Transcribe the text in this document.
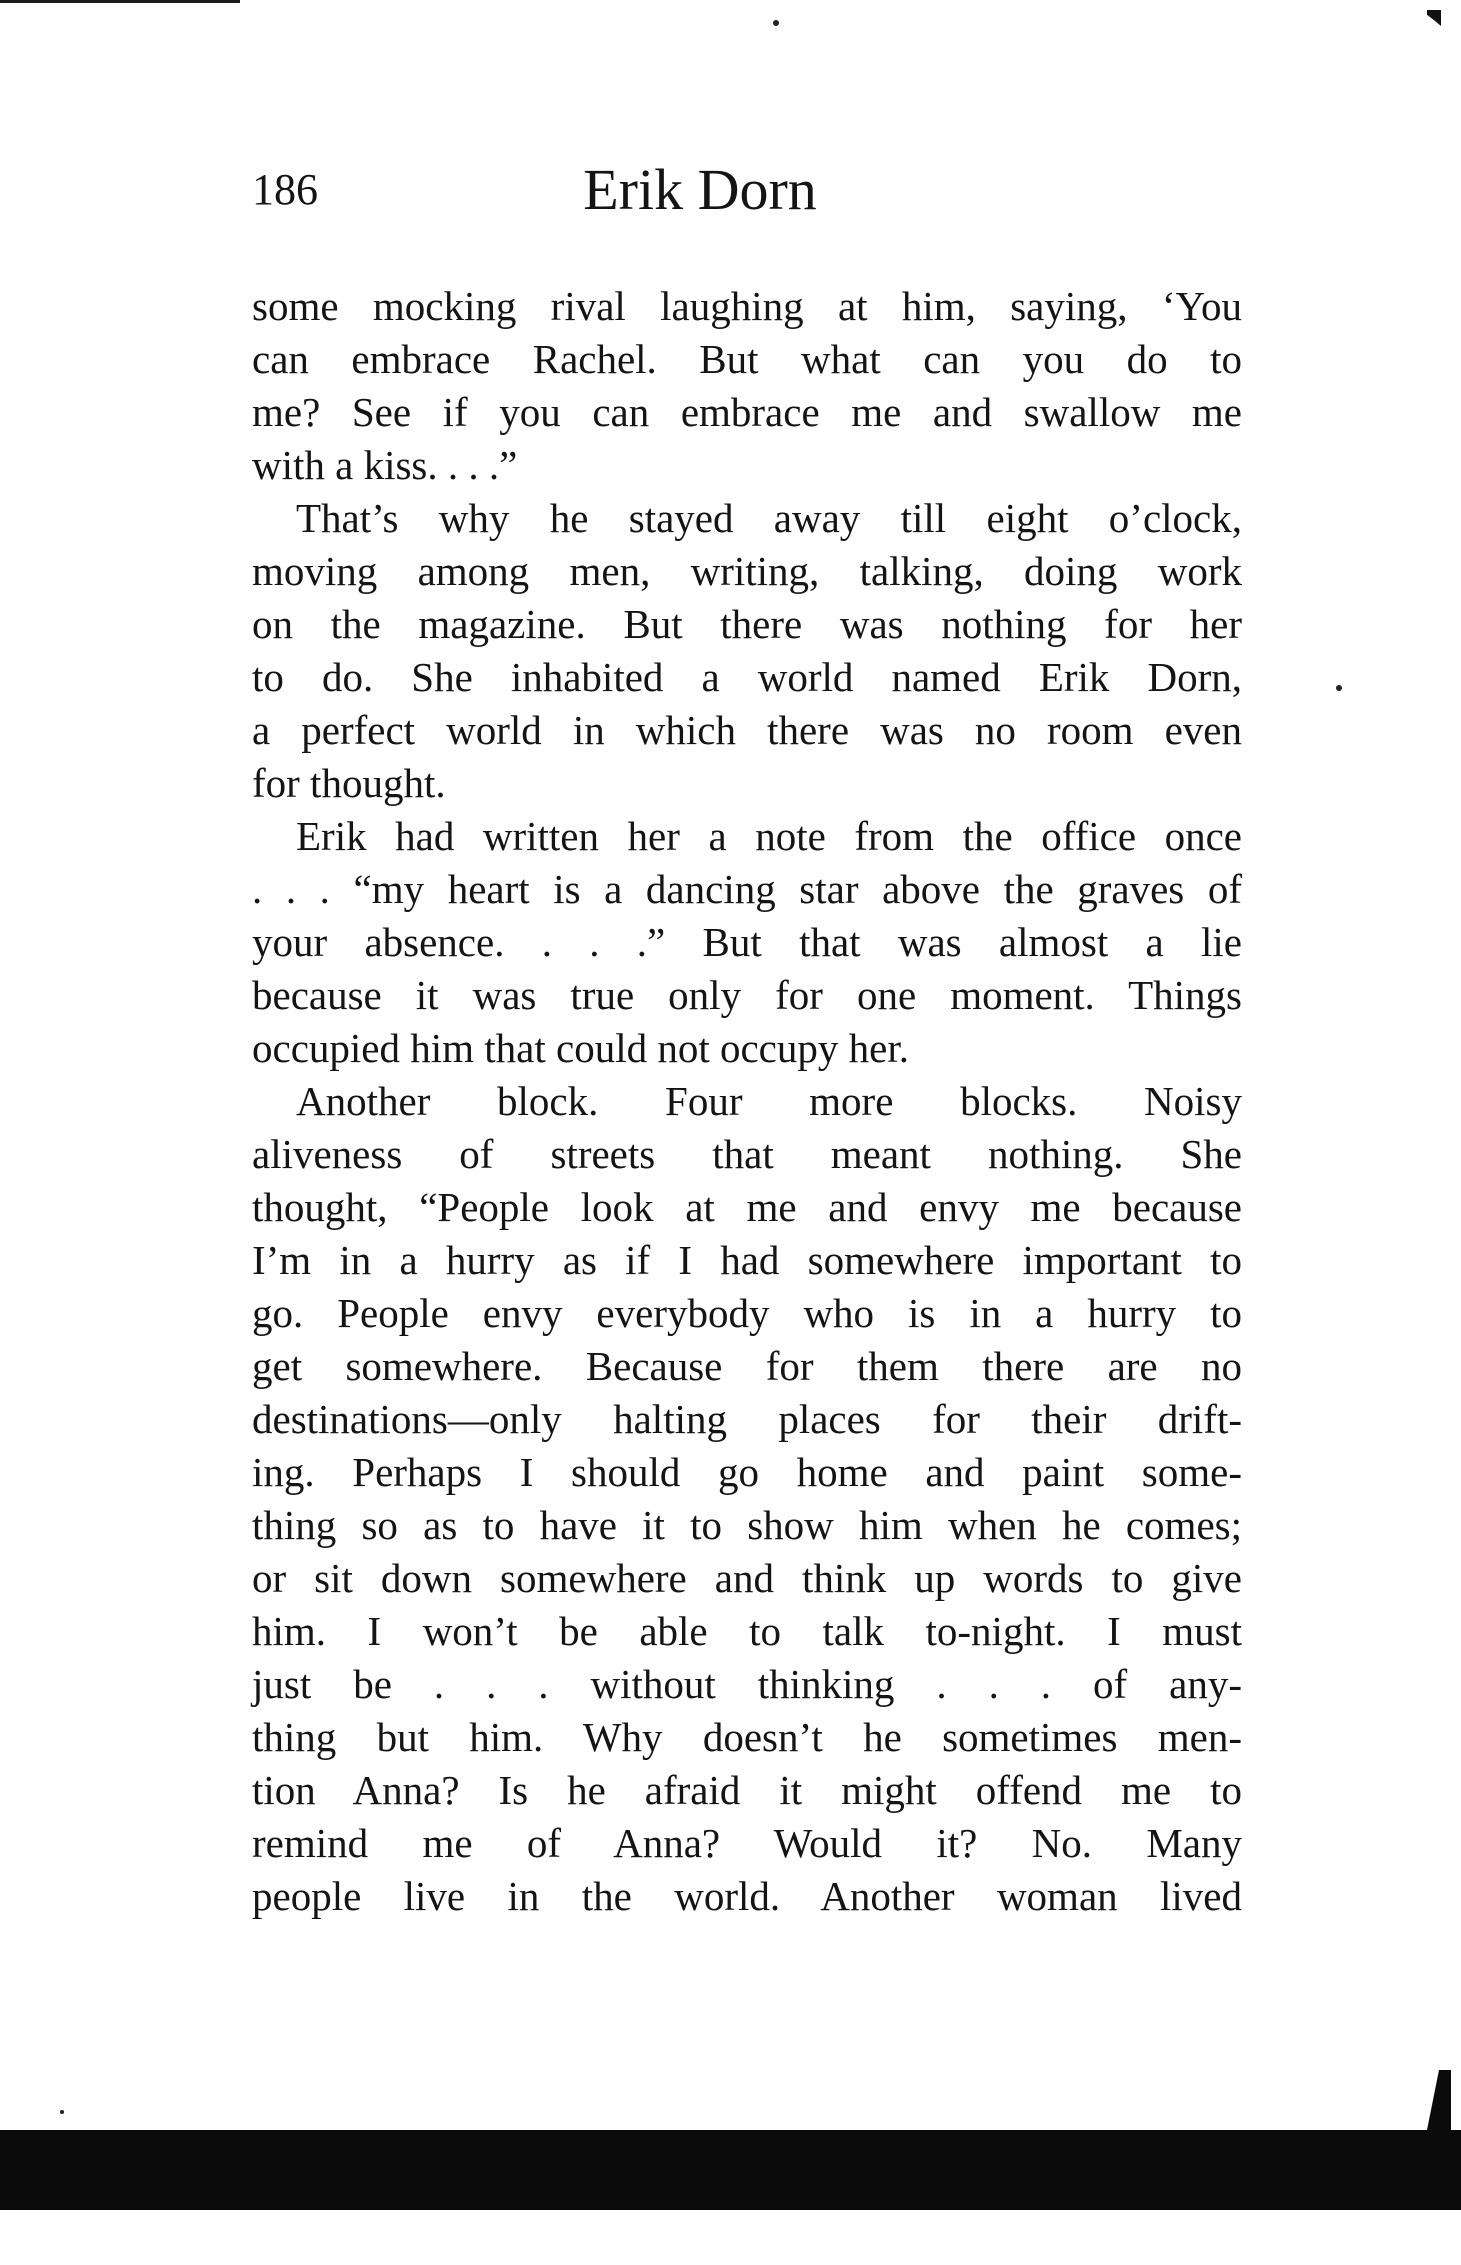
186	Erik Dorn
some mocking rival laughing at him, saying, ‘You
can embrace Rachel. But what can you do to
me? See if you can embrace me and swallow me
with a kiss. . . .”
That’s why he stayed away till eight o’clock,
moving among men, writing, talking, doing work
on the magazine. But there was nothing for her
to do. She inhabited a world named Erik Dorn,
a perfect world in which there was no room even
for thought.
Erik had written her a note from the office once
. . . “my heart is a dancing star above the graves of
your absence. . . .” But that was almost a lie
because it was true only for one moment. Things
occupied him that could not occupy her.
Another block. Four more blocks. Noisy
aliveness of streets that meant nothing. She
thought, “People look at me and envy me because
I’m in a hurry as if I had somewhere important to
go. People envy everybody who is in a hurry to
get somewhere. Because for them there are no
destinations—only halting places for their drift-
ing. Perhaps I should go home and paint some-
thing so as to have it to show him when he comes;
or sit down somewhere and think up words to give
him. I won’t be able to talk to-night. I must
just be . . . without thinking . . . of any-
thing but him. Why doesn’t he sometimes men-
tion Anna? Is he afraid it might offend me to
remind me of Anna? Would it? No. Many
people live in the world. Another woman lived
